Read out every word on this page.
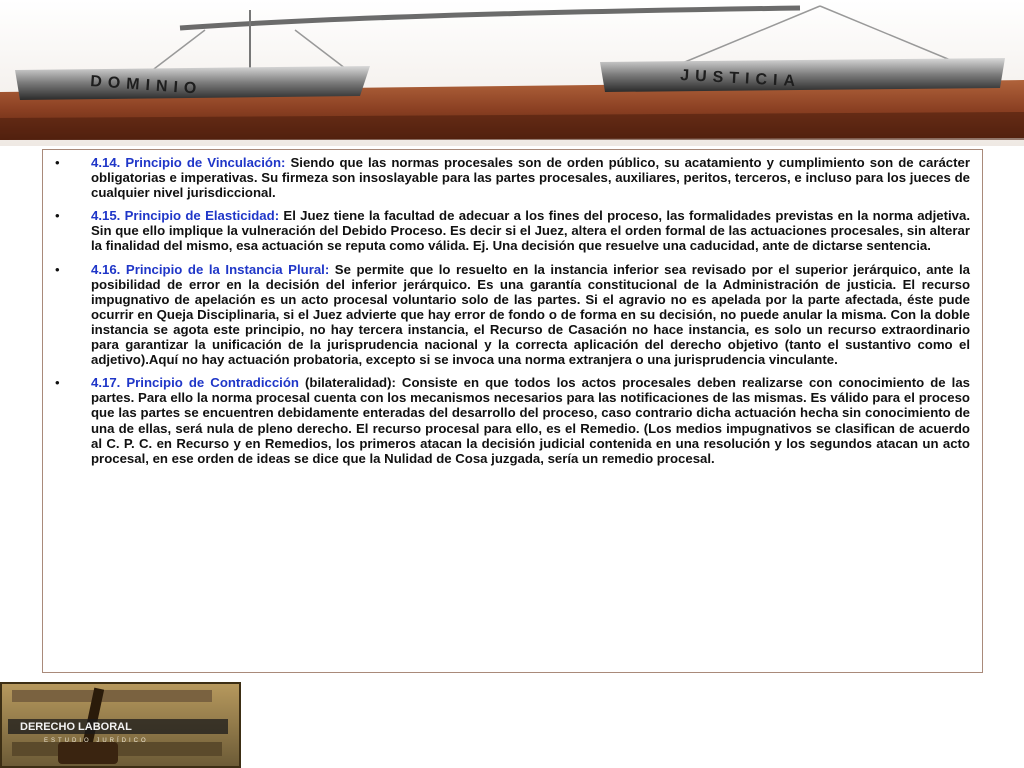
DOMINIO	JUSTICIA
• 4.14. Principio de Vinculación: Siendo que las normas procesales son de orden público, su acatamiento y cumplimiento son de carácter obligatorias e imperativas. Su firmeza son insoslayable para las partes procesales, auxiliares, peritos, terceros, e incluso para los jueces de cualquier nivel jurisdiccional.
• 4.15. Principio de Elasticidad: El Juez tiene la facultad de adecuar a los fines del proceso, las formalidades previstas en la norma adjetiva. Sin que ello implique la vulneración del Debido Proceso. Es decir si el Juez, altera el orden formal de las actuaciones procesales, sin alterar la finalidad del mismo, esa actuación se reputa como válida. Ej. Una decisión que resuelve una caducidad, ante de dictarse sentencia.
• 4.16. Principio de la Instancia Plural: Se permite que lo resuelto en la instancia inferior sea revisado por el superior jerárquico, ante la posibilidad de error en la decisión del inferior jerárquico. Es una garantía constitucional de la Administración de justicia. El recurso impugnativo de apelación es un acto procesal voluntario solo de las partes. Si el agravio no es apelada por la parte afectada, éste pude ocurrir en Queja Disciplinaria, si el Juez advierte que hay error de fondo o de forma en su decisión, no puede anular la misma. Con la doble instancia se agota este principio, no hay tercera instancia, el Recurso de Casación no hace instancia, es solo un recurso extraordinario para garantizar la unificación de la jurisprudencia nacional y la correcta aplicación del derecho objetivo (tanto el sustantivo como el adjetivo).Aquí no hay actuación probatoria, excepto si se invoca una norma extranjera o una jurisprudencia vinculante.
• 4.17. Principio de Contradicción (bilateralidad): Consiste en que todos los actos procesales deben realizarse con conocimiento de las partes. Para ello la norma procesal cuenta con los mecanismos necesarios para las notificaciones de las mismas. Es válido para el proceso que las partes se encuentren debidamente enteradas del desarrollo del proceso, caso contrario dicha actuación hecha sin conocimiento de una de ellas, será nula de pleno derecho. El recurso procesal para ello, es el Remedio. (Los medios impugnativos se clasifican de acuerdo al C. P. C. en Recurso y en Remedios, los primeros atacan la decisión judicial contenida en una resolución y los segundos atacan un acto procesal, en ese orden de ideas se dice que la Nulidad de Cosa juzgada, sería un remedio procesal.
DERECHO LABORAL
ESTUDIO JURÍDICO
